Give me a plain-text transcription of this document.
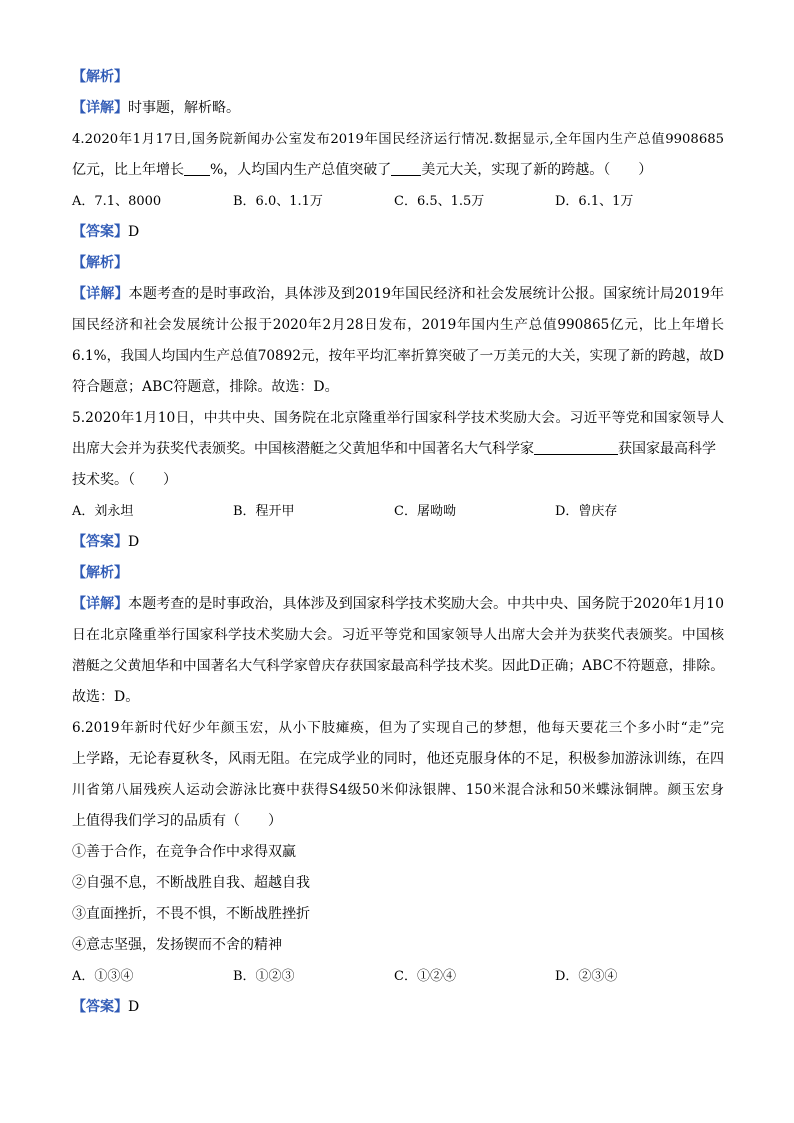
【解析】
【详解】时事题，解析略。
4.2020年1月17日,国务院新闻办公室发布2019年国民经济运行情况.数据显示,全年国内生产总值9908685
亿元，比上年增长 %，人均国内生产总值突破了 美元大关，实现了新的跨越。（　　）
A．7.1、8000	B．6.0、1.1万	C．6.5、1.5万	D．6.1、1万
【答案】D
【解析】
【详解】本题考查的是时事政治，具体涉及到2019年国民经济和社会发展统计公报。国家统计局2019年
国民经济和社会发展统计公报于2020年2月28日发布，2019年国内生产总值990865亿元，比上年增长
6.1%，我国人均国内生产总值70892元，按年平均汇率折算突破了一万美元的大关，实现了新的跨越，故D
符合题意；ABC符题意，排除。故选：D。
5.2020年1月10日，中共中央、国务院在北京隆重举行国家科学技术奖励大会。习近平等党和国家领导人
出席大会并为获奖代表颁奖。中国核潜艇之父黄旭华和中国著名大气科学家	获国家最高科学
技术奖。（　　）
A．刘永坦	B．程开甲	C．屠呦呦	D．曾庆存
【答案】D
【解析】
【详解】本题考查的是时事政治，具体涉及到国家科学技术奖励大会。中共中央、国务院于2020年1月10
日在北京隆重举行国家科学技术奖励大会。习近平等党和国家领导人出席大会并为获奖代表颁奖。中国核
潜艇之父黄旭华和中国著名大气科学家曾庆存获国家最高科学技术奖。因此D正确；ABC不符题意，排除。
故选：D。
6.2019年新时代好少年颜玉宏，从小下肢瘫痪，但为了实现自己的梦想，他每天要花三个多小时“走”完
上学路，无论春夏秋冬，风雨无阻。在完成学业的同时，他还克服身体的不足，积极参加游泳训练，在四
川省第八届残疾人运动会游泳比赛中获得S4级50米仰泳银牌、150米混合泳和50米蝶泳铜牌。颜玉宏身
上值得我们学习的品质有（　　）
①善于合作，在竞争合作中求得双赢
②自强不息，不断战胜自我、超越自我
③直面挫折，不畏不惧，不断战胜挫折
④意志坚强，发扬锲而不舍的精神
A．①③④	B．①②③	C．①②④	D．②③④
【答案】D
